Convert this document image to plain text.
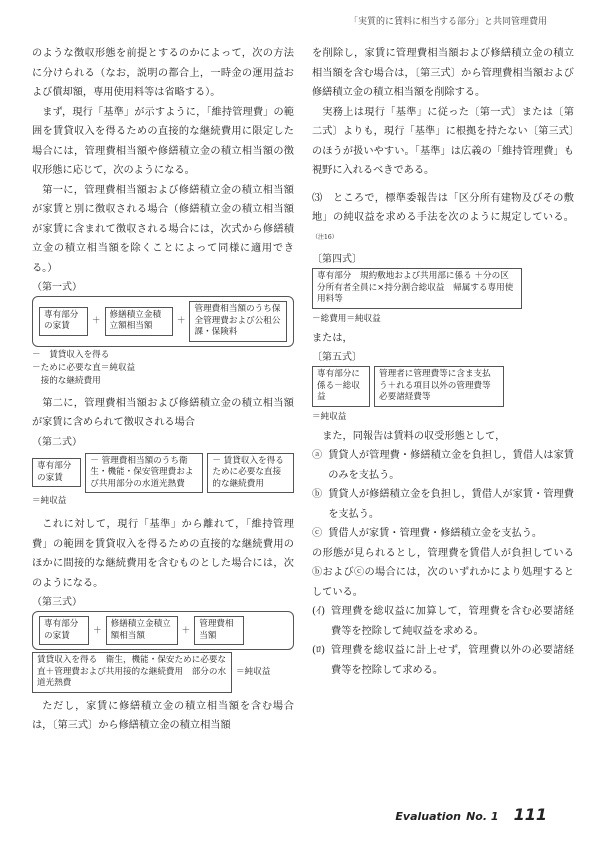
「実質的に賃料に相当する部分」と共同管理費用

のような徴収形態を前提とするのかによって，次の方法に分けられる（なお，説明の都合上，一時金の運用益および償却額，専用使用料等は省略する）。

まず，現行「基準」が示すように，「維持管理費」の範囲を賃貸収入を得るための直接的な継続費用に限定した場合には，管理費相当額や修繕積立金の積立相当額の徴収形態に応じて，次のようになる。

第一に，管理費相当額および修繕積立金の積立相当額が家賃と別に徴収される場合（修繕積立金の積立相当額が家賃に含まれて徴収される場合には，次式から修繕積立金の積立相当額を除くことによって同様に適用できる。）

（第一式）
専有部分の家賃	＋
修繕積立金積立額相当額	＋
管理費相当額のうち保全管理費および公租公課・保険料
－　賃貸収入を得る
－ために必要な直＝純収益
　接的な継続費用

第二に，管理費相当額および修繕積立金の積立相当額が家賃に含められて徴収される場合

（第二式）
専有部分の家賃
－ 管理費相当額のうち衛生・機能・保安管理費および共用部分の水道光熱費
－ 賃貸収入を得るために必要な直接的な継続費用
＝純収益

これに対して，現行「基準」から離れて，「維持管理費」の範囲を賃貸収入を得るための直接的な継続費用のほかに間接的な継続費用を含むものとした場合には，次のようになる。

（第三式）
専有部分の家賃	＋
修繕積立金積立額相当額	＋
管理費相当額
賃貸収入を得る　衛生，機能・保安ために必要な直＋管理費および共用接的な継続費用　部分の水道光熱費
＝純収益

ただし，家賃に修繕積立金の積立相当額を含む場合は，〔第三式〕から修繕積立金の積立相当額

を削除し，家賃に管理費相当額および修繕積立金の積立相当額を含む場合は，〔第三式〕から管理費相当額および修繕積立金の積立相当額を削除する。

実務上は現行「基準」に従った〔第一式〕または〔第二式〕よりも，現行「基準」に根拠を持たない〔第三式〕のほうが扱いやすい。「基準」は広義の「維持管理費」も視野に入れるべきである。

⑶　ところで，標準委報告は「区分所有建物及びその敷地」の純収益を求める手法を次のように規定している。$^{(注16)}$

〔第四式〕
専有部分　規約敷地および共用部に係る ＋分の区分所有者全員に×持分割合総収益　帰属する専用使用料等
－総費用＝純収益
または，
〔第五式〕
専有部分に係る－総収益
管理者に管理費等に含ま支払う＋れる項目以外の管理費等　必要諸経費等
＝純収益

また，同報告は賃料の収受形態として，

ⓐ 賃貸人が管理費・修繕積立金を負担し，賃借人は家賃のみを支払う。
ⓑ 賃貸人が修繕積立金を負担し，賃借人が家賃・管理費を支払う。
ⓒ 賃借人が家賃・管理費・修繕積立金を支払う。

の形態が見られるとし，管理費を賃借人が負担しているⓑおよびⓒの場合には，次のいずれかにより処理するとしている。

(ｲ) 管理費を総収益に加算して，管理費を含む必要諸経費等を控除して純収益を求める。
(ﾛ) 管理費を総収益に計上せず，管理費以外の必要諸経費等を控除して求める。
Evaluation No. 1 111
